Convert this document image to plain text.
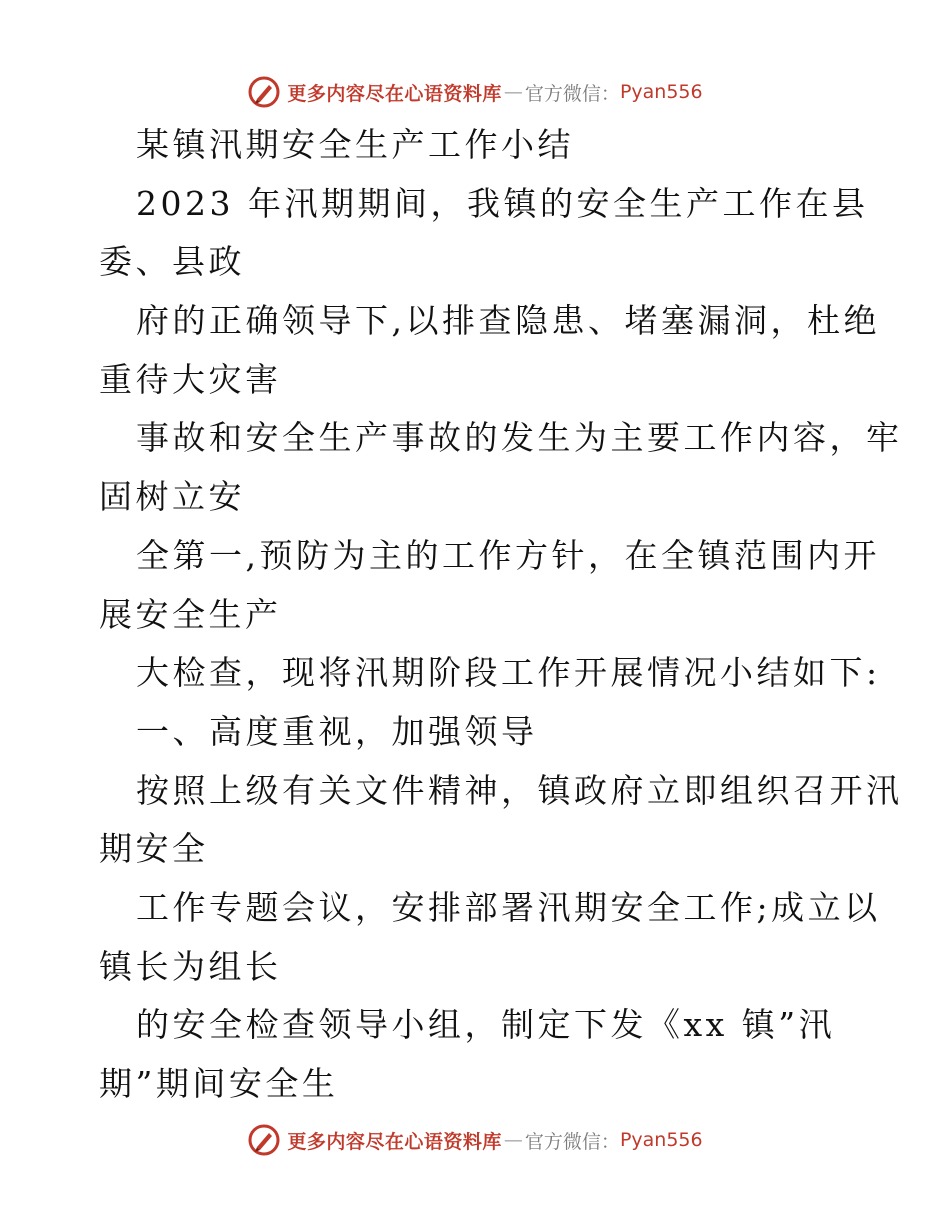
更多内容尽在心语资料库 — 官方微信： Pyan556
某镇汛期安全生产工作小结
2023 年汛期期间，我镇的安全生产工作在县
委、县政
府的正确领导下,以排查隐患、堵塞漏洞，杜绝
重待大灾害
事故和安全生产事故的发生为主要工作内容，牢
固树立安
全第一,预防为主的工作方针，在全镇范围内开
展安全生产
大检查，现将汛期阶段工作开展情况小结如下:
一、高度重视，加强领导
按照上级有关文件精神，镇政府立即组织召开汛
期安全
工作专题会议，安排部署汛期安全工作;成立以
镇长为组长
的安全检查领导小组，制定下发《xx 镇”汛
期”期间安全生
更多内容尽在心语资料库 — 官方微信： Pyan556
